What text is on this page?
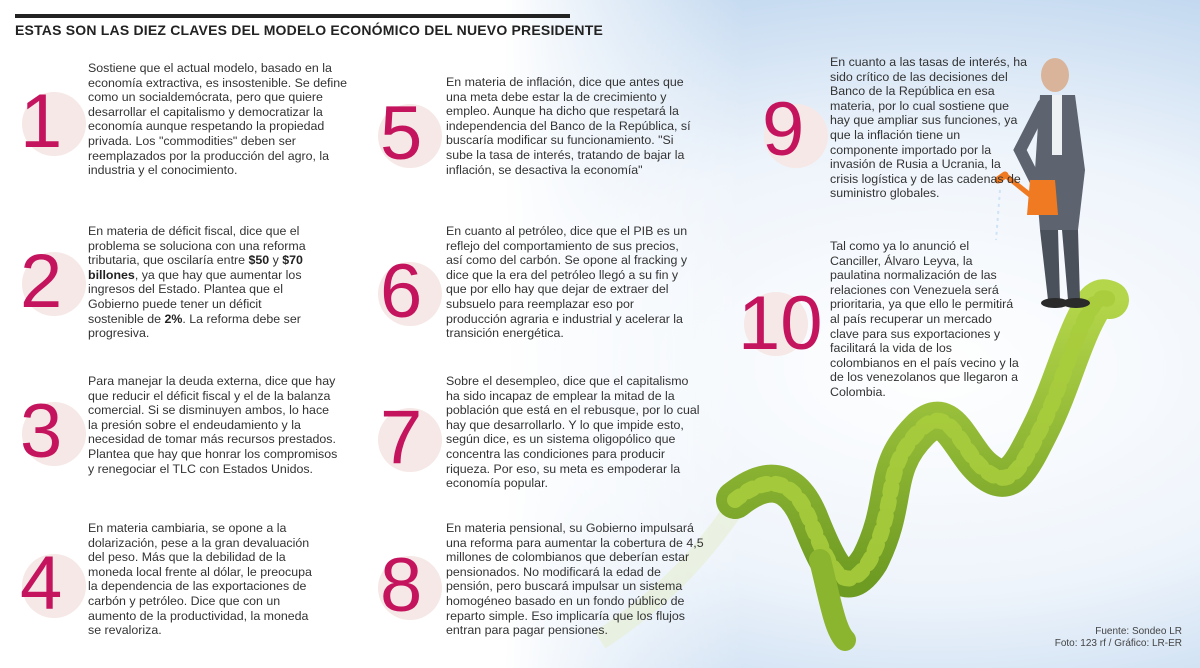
ESTAS SON LAS DIEZ CLAVES DEL MODELO ECONÓMICO DEL NUEVO PRESIDENTE
1
Sostiene que el actual modelo, basado en la economía extractiva, es insostenible. Se define como un socialdemócrata, pero que quiere desarrollar el capitalismo y democratizar la economía aunque respetando la propiedad privada. Los "commodities" deben ser reemplazados por la producción del agro, la industria y el conocimiento.
2
En materia de déficit fiscal, dice que el problema se soluciona con una reforma tributaria, que oscilaría entre $50 y $70 billones, ya que hay que aumentar los ingresos del Estado. Plantea que el Gobierno puede tener un déficit sostenible de 2%. La reforma debe ser progresiva.
3
Para manejar la deuda externa, dice que hay que reducir el déficit fiscal y el de la balanza comercial. Si se disminuyen ambos, lo hace la presión sobre el endeudamiento y la necesidad de tomar más recursos prestados. Plantea que hay que honrar los compromisos y renegociar el TLC con Estados Unidos.
4
En materia cambiaria, se opone a la dolarización, pese a la gran devaluación del peso. Más que la debilidad de la moneda local frente al dólar, le preocupa la dependencia de las exportaciones de carbón y petróleo. Dice que con un aumento de la productividad, la moneda se revaloriza.
5
En materia de inflación, dice que antes que una meta debe estar la de crecimiento y empleo. Aunque ha dicho que respetará la independencia del Banco de la República, sí buscaría modificar su funcionamiento. "Si sube la tasa de interés, tratando de bajar la inflación, se desactiva la economía"
6
En cuanto al petróleo, dice que el PIB es un reflejo del comportamiento de sus precios, así como del carbón. Se opone al fracking y dice que la era del petróleo llegó a su fin y que por ello hay que dejar de extraer del subsuelo para reemplazar eso por producción agraria e industrial y acelerar la transición energética.
7
Sobre el desempleo, dice que el capitalismo ha sido incapaz de emplear la mitad de la población que está en el rebusque, por lo cual hay que desarrollarlo. Y lo que impide esto, según dice, es un sistema oligopólico que concentra las condiciones para producir riqueza. Por eso, su meta es empoderar la economía popular.
8
En materia pensional, su Gobierno impulsará una reforma para aumentar la cobertura de 4,5 millones de colombianos que deberían estar pensionados. No modificará la edad de pensión, pero buscará impulsar un sistema homogéneo basado en un fondo público de reparto simple. Eso implicaría que los flujos entran para pagar pensiones.
9
En cuanto a las tasas de interés, ha sido crítico de las decisiones del Banco de la República en esa materia, por lo cual sostiene que hay que ampliar sus funciones, ya que la inflación tiene un componente importado por la invasión de Rusia a Ucrania, la crisis logística y de las cadenas de suministro globales.
10
Tal como ya lo anunció el Canciller, Álvaro Leyva, la paulatina normalización de las relaciones con Venezuela será prioritaria, ya que ello le permitirá al país recuperar un mercado clave para sus exportaciones y facilitará la vida de los colombianos en el país vecino y la de los venezolanos que llegaron a Colombia.
Fuente: Sondeo LR
Foto: 123 rf / Gráfico: LR-ER
